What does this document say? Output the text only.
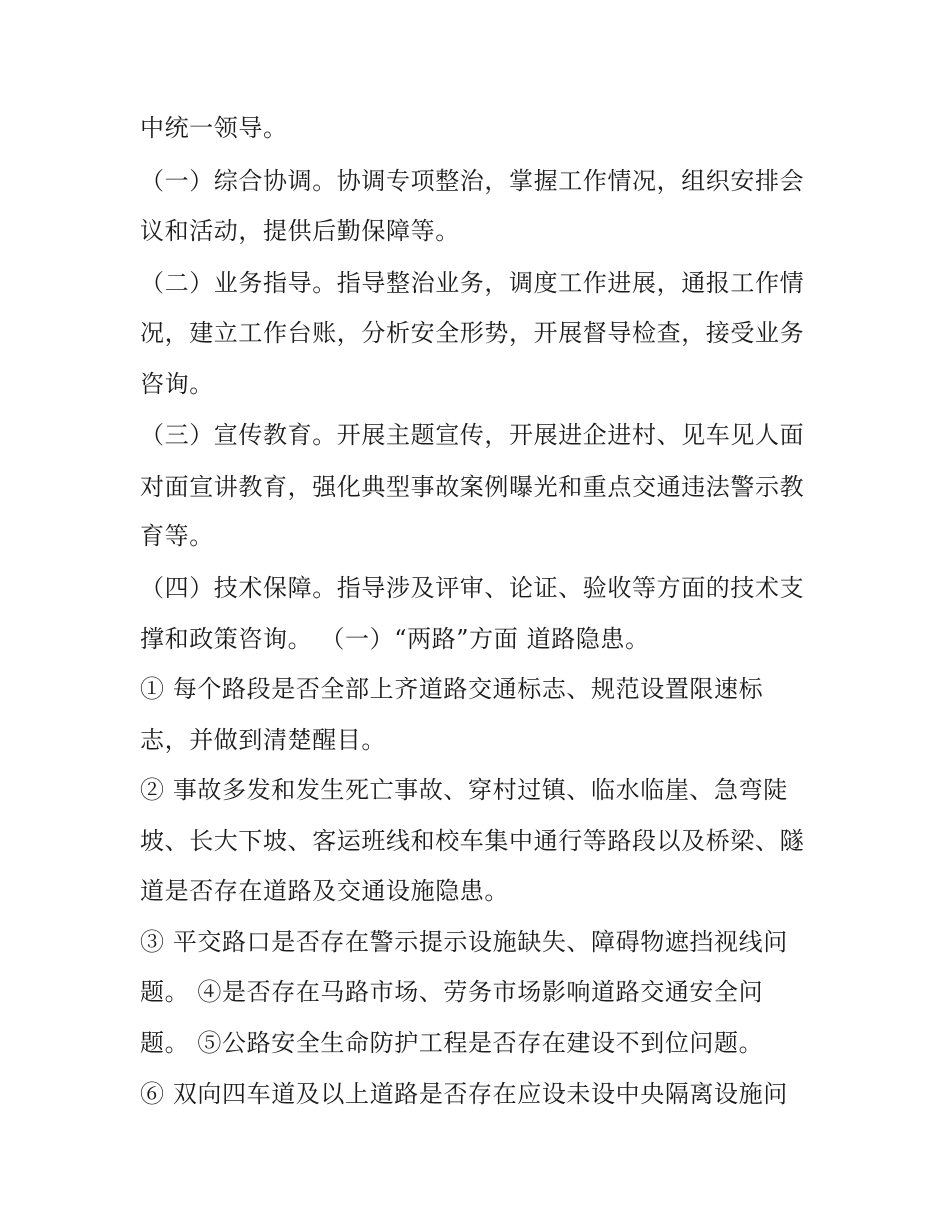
中统一领导。
（一）综合协调。协调专项整治，掌握工作情况，组织安排会
议和活动，提供后勤保障等。
（二）业务指导。指导整治业务，调度工作进展，通报工作情
况，建立工作台账，分析安全形势，开展督导检查，接受业务
咨询。
（三）宣传教育。开展主题宣传，开展进企进村、见车见人面
对面宣讲教育，强化典型事故案例曝光和重点交通违法警示教
育等。
（四）技术保障。指导涉及评审、论证、验收等方面的技术支
撑和政策咨询。 （一）“两路”方面 道路隐患。
① 每个路段是否全部上齐道路交通标志、规范设置限速标
志，并做到清楚醒目。
② 事故多发和发生死亡事故、穿村过镇、临水临崖、急弯陡
坡、长大下坡、客运班线和校车集中通行等路段以及桥梁、隧
道是否存在道路及交通设施隐患。
③ 平交路口是否存在警示提示设施缺失、障碍物遮挡视线问
题。 ④是否存在马路市场、劳务市场影响道路交通安全问
题。 ⑤公路安全生命防护工程是否存在建设不到位问题。
⑥ 双向四车道及以上道路是否存在应设未设中央隔离设施问
